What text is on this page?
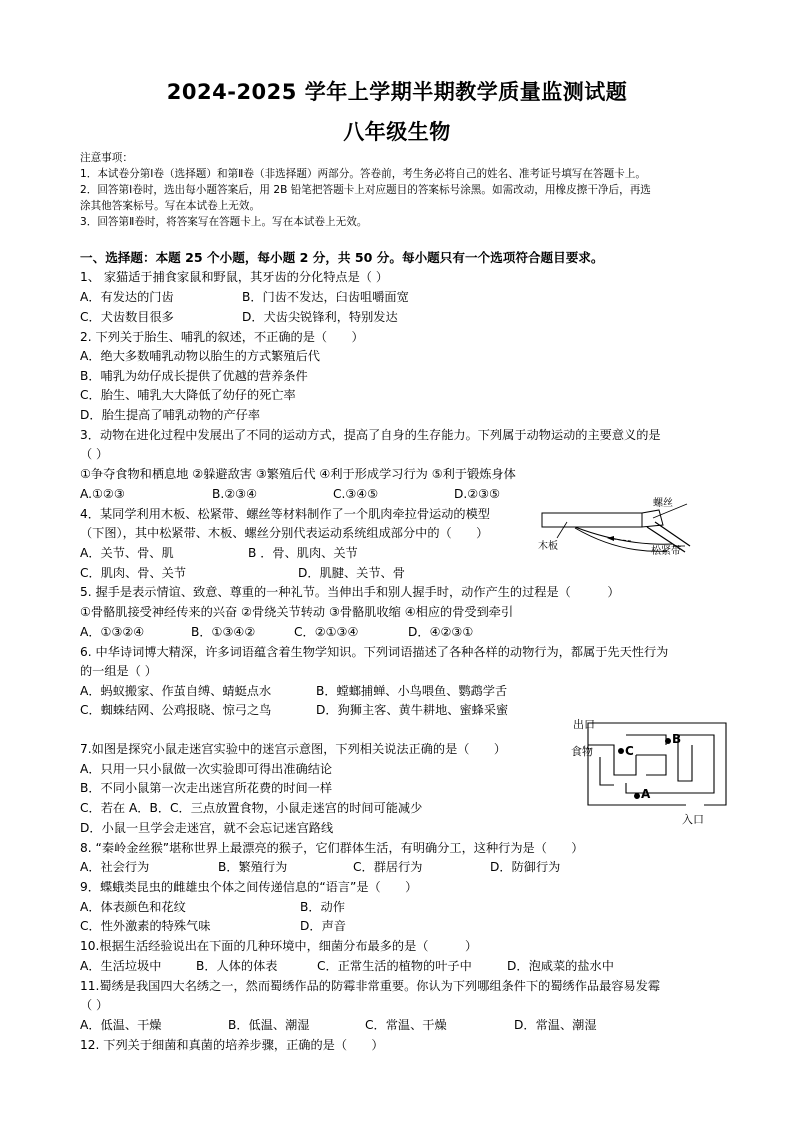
2024-2025 学年上学期半期教学质量监测试题
八年级生物
注意事项：
1．本试卷分第Ⅰ卷（选择题）和第Ⅱ卷（非选择题）两部分。答卷前，考生务必将自己的姓名、准考证号填写在答题卡上。
2．回答第Ⅰ卷时，选出每小题答案后，用 2B 铅笔把答题卡上对应题目的答案标号涂黑。如需改动，用橡皮擦干净后，再选
涂其他答案标号。写在本试卷上无效。
3．回答第Ⅱ卷时，将答案写在答题卡上。写在本试卷上无效。
一、选择题：本题 25 个小题，每小题 2 分，共 50 分。每小题只有一个选项符合题目要求。
1、 家猫适于捕食家鼠和野鼠，其牙齿的分化特点是（ ）
A．有发达的门齿	B．门齿不发达，臼齿咀嚼面宽
C．犬齿数目很多	D．犬齿尖锐锋利，特别发达
2. 下列关于胎生、哺乳的叙述，不正确的是（　　）
A．绝大多数哺乳动物以胎生的方式繁殖后代
B．哺乳为幼仔成长提供了优越的营养条件
C．胎生、哺乳大大降低了幼仔的死亡率
D．胎生提高了哺乳动物的产仔率
3．动物在进化过程中发展出了不同的运动方式，提高了自身的生存能力。下列属于动物运动的主要意义的是
（ ）
①争夺食物和栖息地 ②躲避敌害 ③繁殖后代 ④利于形成学习行为 ⑤利于锻炼身体
A.①②③	B.②③④	C.③④⑤	D.②③⑤
4．某同学利用木板、松紧带、螺丝等材料制作了一个肌肉牵拉骨运动的模型
（下图），其中松紧带、木板、螺丝分别代表运动系统组成部分中的（　　）
A．关节、骨、肌	B ．骨、肌肉、关节
C．肌肉、骨、关节	D．肌腱、关节、骨
螺丝
木板	松紧带
5. 握手是表示情谊、致意、尊重的一种礼节。当伸出手和别人握手时，动作产生的过程是（　　　）
①骨骼肌接受神经传来的兴奋 ②骨绕关节转动 ③骨骼肌收缩 ④相应的骨受到牵引
A．①③②④	B．①③④②	C．②①③④	D．④②③①
6. 中华诗词博大精深，许多词语蕴含着生物学知识。下列词语描述了各种各样的动物行为，都属于先天性行为
的一组是（ ）
A．蚂蚁搬家、作茧自缚、蜻蜓点水	B．螳螂捕蝉、小鸟喂鱼、鹦鹉学舌
C．蜘蛛结网、公鸡报晓、惊弓之鸟	D．狗狮主客、黄牛耕地、蜜蜂采蜜
7.如图是探究小鼠走迷宫实验中的迷宫示意图，下列相关说法正确的是（　　）
A．只用一只小鼠做一次实验即可得出准确结论
B．不同小鼠第一次走出迷宫所花费的时间一样
C．若在 A．B．C．三点放置食物，小鼠走迷宫的时间可能减少
D．小鼠一旦学会走迷宫，就不会忘记迷宫路线
出口
食物	C
B
A
入口
8. “秦岭金丝猴”堪称世界上最漂亮的猴子，它们群体生活，有明确分工，这种行为是（　　）
A．社会行为	B．繁殖行为	C．群居行为	D．防御行为
9．蝶蛾类昆虫的雌雄虫个体之间传递信息的“语言”是（　　）
A．体表颜色和花纹	B．动作
C．性外激素的特殊气味	D．声音
10.根据生活经验说出在下面的几种环境中，细菌分布最多的是（　　　）
A．生活垃圾中	B．人体的体表	C．正常生活的植物的叶子中	D．泡咸菜的盐水中
11.蜀绣是我国四大名绣之一，然而蜀绣作品的防霉非常重要。你认为下列哪组条件下的蜀绣作品最容易发霉
（ ）
A．低温、干燥	B．低温、潮湿	C．常温、干燥	D．常温、潮湿
12. 下列关于细菌和真菌的培养步骤，正确的是（　　）
